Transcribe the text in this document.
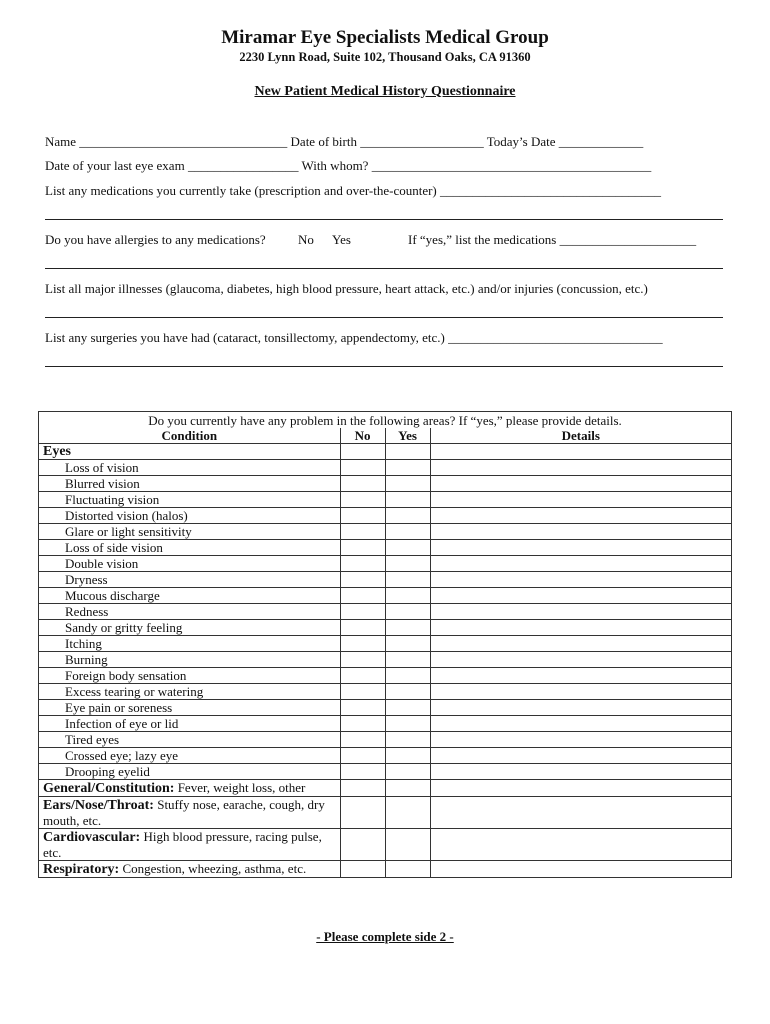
Miramar Eye Specialists Medical Group
2230 Lynn Road, Suite 102, Thousand Oaks, CA 91360
New Patient Medical History Questionnaire
Name ________________________________ Date of birth ___________________ Today’s Date _____________
Date of your last eye exam _________________ With whom? ___________________________________________
List any medications you currently take (prescription and over-the-counter) __________________________________
Do you have allergies to any medications? No Yes	If “yes,” list the medications _____________________
List all major illnesses (glaucoma, diabetes, high blood pressure, heart attack, etc.) and/or injuries (concussion, etc.)
List any surgeries you have had (cataract, tonsillectomy, appendectomy, etc.) _________________________________
Do you currently have any problem in the following areas? If “yes,” please provide details.			
Condition	No	Yes	Details
Eyes			
Loss of vision			
Blurred vision			
Fluctuating vision			
Distorted vision (halos)			
Glare or light sensitivity			
Loss of side vision			
Double vision			
Dryness			
Mucous discharge			
Redness			
Sandy or gritty feeling			
Itching			
Burning			
Foreign body sensation			
Excess tearing or watering			
Eye pain or soreness			
Infection of eye or lid			
Tired eyes			
Crossed eye; lazy eye			
Drooping eyelid			
General/Constitution: Fever, weight loss, other			
Ears/Nose/Throat: Stuffy nose, earache, cough, dry mouth, etc.			
Cardiovascular: High blood pressure, racing pulse, etc.			
Respiratory: Congestion, wheezing, asthma, etc.			
- Please complete side 2 -
